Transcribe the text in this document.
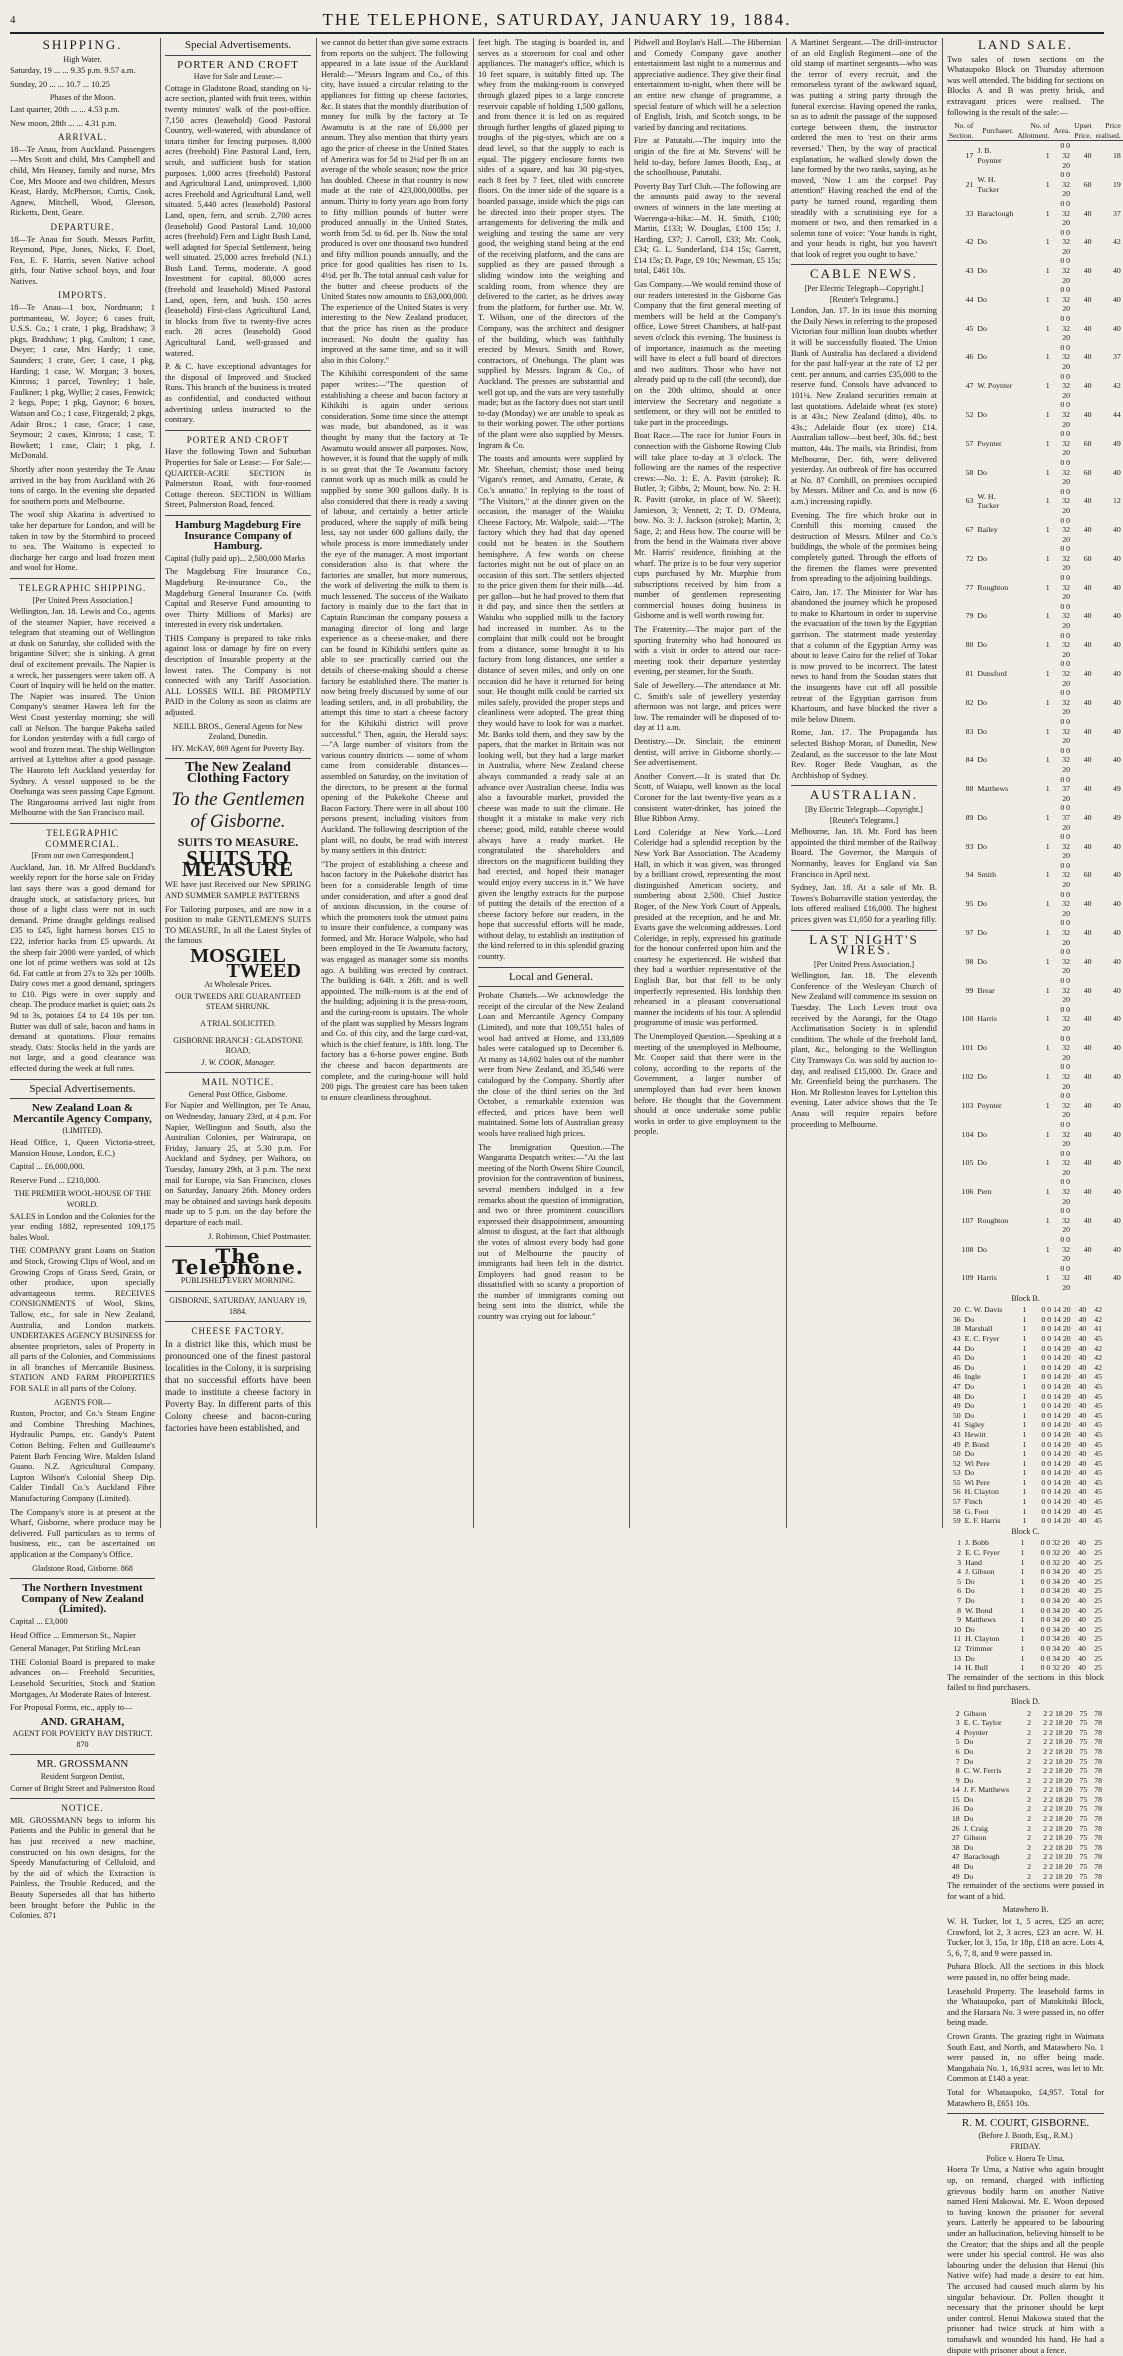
4	THE TELEPHONE, SATURDAY, JANUARY 19, 1884.
SHIPPING.
High Water.

Saturday, 19 ... ... 9.35 p.m. 9.57 a.m.

Sunday, 20 ... ... 10.7 ... 10.25

Phases of the Moon.

Last quarter, 20th ... ... 4.53 p.m.

New moon, 28th ... ... 4.31 p.m.

ARRIVAL.

18—Te Anau, from Auckland. Passengers—Mrs Scott and child, Mrs Campbell and child, Mrs Heaney, family and nurse, Mrs Coe, Mrs Moore and two children, Messrs Keast, Hardy, McPherson, Curtis, Cook, Agnew, Mitchell, Wood, Gleeson, Ricketts, Dent, Geare.

DEPARTURE.

18—Te Anau for South. Messrs Parfitt, Reymond, Pipe, Jones, Nicks, F. Doel, Fox, E. F. Harris, seven Native school girls, four Native school boys, and four Natives.

IMPORTS.

18—Te Anau—1 box, Nordmann; 1 portmanteau, W. Joyce; 6 cases fruit, U.S.S. Co.; 1 crate, 1 pkg, Bradshaw; 3 pkgs, Bradshaw; 1 pkg, Caulton; 1 case, Dwyer; 1 case, Mrs Hardy; 1 case, Saunders; 1 crate, Gee; 1 case, 1 pkg, Harding; 1 case, W. Morgan; 3 boxes, Kinross; 1 parcel, Townley; 1 bale, Faulkner; 1 pkg, Wyllie; 2 cases, Fenwick; 2 kegs, Pope; 1 pkg, Gaynor; 6 boxes, Watson and Co.; 1 case, Fitzgerald; 2 pkgs, Adair Bros.; 1 case, Grace; 1 case, Seymour; 2 cases, Kinross; 1 case, T. Bowkett; 1 case, Clair; 1 pkg, J. McDonald.

Shortly after noon yesterday the Te Anau arrived in the bay from Auckland with 26 tons of cargo. In the evening she departed for southern ports and Melbourne.

The wool ship Akarina is advertised to take her departure for London, and will be taken in tow by the Stormbird to proceed to sea. The Waitomo is expected to discharge her cargo and load frozen meat and wool for Home.

TELEGRAPHIC SHIPPING.
[Per United Press Association.]

Wellington, Jan. 18. Lewis and Co., agents of the steamer Napier, have received a telegram that steaming out of Wellington at dusk on Saturday, she collided with the brigantine Silver; she is sinking. A great deal of excitement prevails. The Napier is a wreck, her passengers were taken off. A Court of Inquiry will be held on the matter. The Napier was insured. The Union Company's steamer Hawea left for the West Coast yesterday morning; she will call at Nelson. The barque Pakeha sailed for London yesterday with a full cargo of wool and frozen meat. The ship Wellington arrived at Lyttelton after a good passage. The Hauroto left Auckland yesterday for Sydney. A vessel supposed to be the Onehunga was seen passing Cape Egmont. The Ringarooma arrived last night from Melbourne with the San Francisco mail.

TELEGRAPHIC COMMERCIAL.
[From our own Correspondent.]

Auckland, Jan. 18. Mr Alfred Buckland's weekly report for the horse sale on Friday last says there was a good demand for draught stock, at satisfactory prices, but those of a light class were not in such demand. Prime draught geldings realised £35 to £45, light harness horses £15 to £22, inferior hacks from £5 upwards. At the sheep fair 2000 were yarded, of which one lot of prime wethers was sold at 12s 6d. Fat cattle at from 27s to 32s per 100lb. Dairy cows met a good demand, springers to £10. Pigs were in over supply and cheap. The produce market is quiet; oats 2s 9d to 3s, potatoes £4 to £4 10s per ton. Butter was dull of sale, bacon and hams in demand at quotations. Flour remains steady. Oats: Stocks held in the yards are not large, and a good clearance was effected during the week at full rates.

Special Advertisements.
New Zealand Loan & Mercantile Agency Company,
(LIMITED).

Head Office, 1, Queen Victoria-street, Mansion House, London, E.C.)

Capital ... £6,000,000.

Reserve Fund ... £210,000.

THE PREMIER WOOL-HOUSE OF THE WORLD.

SALES in London and the Colonies for the year ending 1882, represented 109,175 bales Wool.

THE COMPANY grant Loans on Station and Stock, Growing Clips of Wool, and on Growing Crops of Grass Seed, Grain, or other produce, upon specially advantageous terms. RECEIVES CONSIGNMENTS of Wool, Skins, Tallow, etc., for sale in New Zealand, Australia, and London markets. UNDERTAKES AGENCY BUSINESS for absentee proprietors, sales of Property in all parts of the Colonies, and Commissions in all branches of Mercantile Business. STATION AND FARM PROPERTIES FOR SALE in all parts of the Colony.

AGENTS FOR—

Ruston, Proctor, and Co.'s Steam Engine and Combine Threshing Machines, Hydraulic Pumps, etc. Gandy's Patent Cotton Belting. Felten and Guilleaume's Patent Barb Fencing Wire. Malden Island Guano. N.Z. Agricultural Company. Lupton Wilson's Colonial Sheep Dip. Calder Tindall Co.'s Auckland Fibre Manufacturing Company (Limited).

The Company's store is at present at the Wharf, Gisborne, where produce may be delivered. Full particulars as to terms of business, etc., can be ascertained on application at the Company's Office.

Gladstone Road, Gisborne. 868
The Northern Investment Company of New Zealand (Limited).

Capital ... £3,000

Head Office ... Emmerson St., Napier

General Manager, Pat Stirling McLean

THE Colonial Board is prepared to make advances on— Freehold Securities, Leasehold Securities, Stock and Station Mortgages, At Moderate Rates of Interest.

For Proposal Forms, etc., apply to—

AND. GRAHAM,
AGENT FOR POVERTY BAY DISTRICT. 870
MR. GROSSMANN
Resident Surgeon Dentist,
Corner of Bright Street and Palmerston Road
NOTICE.

MR. GROSSMANN begs to inform his Patients and the Public in general that he has just received a new machine, constructed on his own designs, for the Speedy Manufacturing of Celluloid, and by the aid of which the Extraction is Painless, the Trouble Reduced, and the Beauty Supersedes all that has hitherto been brought before the Public in the Colonies. 871

Special Advertisements.
PORTER AND CROFT
Have for Sale and Lease:—

Cottage in Gladstone Road, standing on ¼-acre section, planted with fruit trees, within twenty minutes' walk of the post-office. 7,150 acres (leasehold) Good Pastoral Country, well-watered, with abundance of totara timber for fencing purposes. 8,000 acres (freehold) Fine Pastoral Land, fern, scrub, and sufficient bush for station purposes. 1,000 acres (freehold) Pastoral and Agricultural Land, unimproved. 1,000 acres Freehold and Agricultural Land, well situated. 5,440 acres (leasehold) Pastoral Land, open, fern, and scrub. 2,700 acres (leasehold) Good Pastoral Land. 10,000 acres (freehold) Fern and Light Bush Land, well adapted for Special Settlement, being well situated. 25,000 acres freehold (N.I.) Bush Land. Terms, moderate. A good Investment for capital. 80,000 acres (freehold and leasehold) Mixed Pastoral Land, open, fern, and bush. 150 acres (leasehold) First-class Agricultural Land, in blocks from five to twenty-five acres each. 28 acres (leasehold) Good Agricultural Land, well-grassed and watered.

P. & C. have exceptional advantages for the disposal of Improved and Stocked Runs. This branch of the business is treated as confidential, and conducted without advertising unless instructed to the contrary.

PORTER AND CROFT

Have the following Town and Suburban Properties for Sale or Lease:— For Sale:— QUARTER-ACRE SECTION in Palmerston Road, with four-roomed Cottage thereon. SECTION in William Street, Palmerston Road, fenced.

Hamburg Magdeburg Fire Insurance Company of Hamburg.

Capital (fully paid up)... 2,500,000 Marks

The Magdeburg Fire Insurance Co., Magdeburg Re-insurance Co., the Magdeburg General Insurance Co. (with Capital and Reserve Fund amounting to over Thirty Millions of Marks) are interested in every risk undertaken.

THIS Company is prepared to take risks against loss or damage by fire on every description of Insurable property at the lowest rates. The Company is not connected with any Tariff Association. ALL LOSSES WILL BE PROMPTLY PAID in the Colony as soon as claims are adjusted.

NEILL BROS., General Agents for New Zealand, Dunedin.
HY. McKAY, 869 Agent for Poverty Bay.
The New Zealand Clothing Factory
To the Gentlemen of Gisborne.
SUITS TO MEASURE.
SUITS TO MEASURE

WE have just Received our New SPRING AND SUMMER SAMPLE PATTERNS

For Tailoring purposes, and are now in a position to make GENTLEMEN'S SUITS TO MEASURE, In all the Latest Styles of the famous

MOSGIEL
TWEED
At Wholesale Prices.
OUR TWEEDS ARE GUARANTEED STEAM SHRUNK.
A TRIAL SOLICITED.
GISBORNE BRANCH : GLADSTONE ROAD,
J. W. COOK, Manager.
MAIL NOTICE.
General Post Office, Gisborne.

For Napier and Wellington, per Te Anau, on Wednesday, January 23rd, at 4 p.m. For Napier, Wellington and South, also the Australian Colonies, per Wairarapa, on Friday, January 25, at 5.30 p.m. For Auckland and Sydney, per Waihora, on Tuesday, January 29th, at 3 p.m. The next mail for Europe, via San Francisco, closes on Saturday, January 26th. Money orders may be obtained and savings bank deposits made up to 5 p.m. on the day before the departure of each mail.

J. Robinson, Chief Postmaster.

The Telephone.
PUBLISHED EVERY MORNING.
GISBORNE, SATURDAY, JANUARY 19, 1884.
CHEESE FACTORY.

In a district like this, which must be pronounced one of the finest pastoral localities in the Colony, it is surprising that no successful efforts have been made to institute a cheese factory in Poverty Bay. In different parts of this Colony cheese and bacon-curing factories have been established, and

we cannot do better than give some extracts from reports on the subject. The following appeared in a late issue of the Auckland Herald:—"Messrs Ingram and Co., of this city, have issued a circular relating to the appliances for fitting up cheese factories, &c. It states that the monthly distribution of money for milk by the factory at Te Awamutu is at the rate of £6,000 per annum. They also mention that thirty years ago the price of cheese in the United States of America was for 5d to 2¼d per lb on an average of the whole season; now the price has doubled. Cheese in that country is now made at the rate of 423,000,000lbs. per annum. Thirty to forty years ago from forty to fifty million pounds of butter were produced annually in the United States, worth from 5d. to 6d. per lb. Now the total produced is over one thousand two hundred and fifty million pounds annually, and the price for good qualities has risen to 1s. 4½d. per lb. The total annual cash value for the butter and cheese products of the United States now amounts to £63,000,000. The experience of the United States is very interesting to the New Zealand producer, that the price has risen as the produce increased. No doubt the quality has improved at the same time, and so it will also in this Colony."

The Kihikihi correspondent of the same paper writes:—"The question of establishing a cheese and bacon factory at Kihikihi is again under serious consideration. Some time since the attempt was made, but abandoned, as it was thought by many that the factory at Te Awamutu would answer all purposes. Now, however, it is found that the supply of milk is so great that the Te Awamutu factory cannot work up as much milk as could be supplied by some 300 gallons daily. It is also considered that there is ready a saving of labour, and certainly a better article produced, where the supply of milk being less, say not under 600 gallons daily, the whole process is more immediately under the eye of the manager. A most important consideration also is that where the factories are smaller, but more numerous, the work of delivering the milk to them is much lessened. The success of the Waikato factory is mainly due to the fact that in Captain Runciman the company possess a managing director of long and large experience as a cheese-maker, and there can be found in Kihikihi settlers quite as able to see practically carried out the details of cheese-making should a cheese factory be established there. The matter is now being freely discussed by some of our leading settlers, and, in all probability, the attempt this time to start a cheese factory for the Kihikihi district will prove successful." Then, again, the Herald says:—"A large number of visitors from the various country districts — some of whom came from considerable distances—assembled on Saturday, on the invitation of the directors, to be present at the formal opening of the Pukekohe Cheese and Bacon Factory. There were in all about 100 persons present, including visitors from Auckland. The following description of the plant will, no doubt, be read with interest by many settlers in this district:

"The project of establishing a cheese and bacon factory in the Pukekohe district has been for a considerable length of time under consideration, and after a good deal of anxious discussion, in the course of which the promoters took the utmost pains to insure their confidence, a company was formed, and Mr. Horace Walpole, who had been employed in the Te Awamutu factory, was engaged as manager some six months ago. A building was erected by contract. The building is 64ft. x 26ft. and is well appointed. The milk-room is at the end of the building; adjoining it is the press-room, and the curing-room is upstairs. The whole of the plant was supplied by Messrs Ingram and Co. of this city, and the large curd-vat, which is the chief feature, is 18ft. long. The factory has a 6-horse power engine. Both the cheese and bacon departments are complete, and the curing-house will hold 200 pigs. The greatest care has been taken to ensure cleanliness throughout.

feet high. The staging is boarded in, and serves as a storeroom for coal and other appliances. The manager's office, which is 10 feet square, is suitably fitted up. The whey from the making-room is conveyed through glazed pipes to a large concrete reservoir capable of holding 1,500 gallons, and from thence it is led on as required through further lengths of glazed piping to troughs of the pig-styes, which are on a dead level, so that the supply to each is equal. The piggery enclosure forms two sides of a square, and has 30 pig-styes, each 8 feet by 7 feet, tiled with concrete floors. On the inner side of the square is a boarded passage, inside which the pigs can be directed into their proper styes. The arrangements for delivering the milk and weighing and testing the same are very good, the weighing stand being at the end of the receiving platform, and the cans are supplied as they are passed through a sliding window into the weighing and scalding room, from whence they are delivered to the carter, as he drives away from the platform, for further use. Mr. W. T. Wilson, one of the directors of the Company, was the architect and designer of the building, which was faithfully erected by Messrs. Smith and Rowe, contractors, of Onehunga. The plant was supplied by Messrs. Ingram & Co., of Auckland. The presses are substantial and well got up, and the vats are very tastefully made; but as the factory does not start until to-day (Monday) we are unable to speak as to their working power. The other portions of the plant were also supplied by Messrs. Ingram & Co.

The toasts and amounts were supplied by Mr. Sheehan, chemist; those used being 'Vigaro's rennet, and Annatto, Cerate, & Co.'s annatto.' In replying to the toast of "The Visitors," at the dinner given on the occasion, the manager of the Waiuku Cheese Factory, Mr. Walpole, said:—"The factory which they had that day opened could not be beaten in the Southern hemisphere. A few words on cheese factories might not be out of place on an occasion of this sort. The settlers objected to the price given them for their milk—4d. per gallon—but he had proved to them that it did pay, and since then the settlers at Waiuku who supplied milk to the factory had increased in number. As to the complaint that milk could not be brought from a distance, some brought it to his factory from long distances, one settler a distance of seven miles, and only on one occasion did he have it returned for being sour. He thought milk could be carried six miles safely, provided the proper steps and cleanliness were adopted. The great thing they would have to look for was a market. Mr. Banks told them, and they saw by the papers, that the market in Britain was not looking well, but they had a large market in Australia, where New Zealand cheese always commanded a ready sale at an advance over Australian cheese. India was also a favourable market, provided the cheese was made to suit the climate. He thought it a mistake to make very rich cheese; good, mild, eatable cheese would always have a ready market. He congratulated the shareholders and directors on the magnificent building they had erected, and hoped their manager would enjoy every success in it." We have given the lengthy extracts for the purpose of putting the details of the erection of a cheese factory before our readers, in the hope that successful efforts will be made, without delay, to establish an institution of the kind referred to in this splendid grazing country.

Local and General.

Probate Chattels.—We acknowledge the receipt of the circular of the New Zealand Loan and Mercantile Agency Company (Limited), and note that 109,551 bales of wool had arrived at Home, and 133,889 bales were catalogued up to December 6. At many as 14,602 bales out of the number were from New Zealand, and 35,546 were catalogued by the Company. Shortly after the close of the third series on the 3rd October, a remarkable extension was effected, and prices have been well maintained. Some lots of Australian greasy wools have realised high prices.

The Immigration Question.—The Wangaratta Despatch writes:—"At the last meeting of the North Owens Shire Council, provision for the contravention of business, several members indulged in a few remarks about the question of immigration, and two or three prominent councillors expressed their disappointment, amounting almost to disgust, at the fact that although the votes of almost every body had gone out of Melbourne the paucity of immigrants had been felt in the district. Employers had good reason to be dissatisfied with so scanty a proportion of the number of immigrants coming out being sent into the district, while the country was crying out for labour."

Pidwell and Boylan's Hall.—The Hibernian and Comedy Company gave another entertainment last night to a numerous and appreciative audience. They give their final entertainment to-night, when there will be an entire new change of programme, a special feature of which will be a selection of English, Irish, and Scotch songs, to be varied by dancing and recitations.

Fire at Patutahi.—The inquiry into the origin of the fire at Mr. Stevens' will be held to-day, before James Booth, Esq., at the schoolhouse, Patutahi.

Poverty Bay Turf Club.—The following are the amounts paid away to the several owners of winners in the late meeting at Waerenga-a-hika:—M. H. Smith, £100; Martin, £133; W. Douglas, £100 15s; J. Harding, £37; J. Carroll, £33; Mr. Cook, £34; G. L. Sunderland, £14 15s; Garrett, £14 15s; D. Page, £9 10s; Newman, £5 15s; total, £461 10s.

Gas Company.—We would remind those of our readers interested in the Gisborne Gas Company that the first general meeting of members will be held at the Company's office, Lowe Street Chambers, at half-past seven o'clock this evening. The business is of importance, inasmuch as the meeting will have to elect a full board of directors and two auditors. Those who have not already paid up to the call (the second), due on the 20th ultimo, should at once interview the Secretary and negotiate a settlement, or they will not be entitled to take part in the proceedings.

Boat Race.—The race for Junior Fours in connection with the Gisborne Rowing Club will take place to-day at 3 o'clock. The following are the names of the respective crews:—No. 1: E. A. Pavitt (stroke); R. Butler, 3; Gibbs, 2; Mount, bow. No. 2: H. R. Pavitt (stroke, in place of W. Skeet); Jamieson, 3; Vennett, 2; T. D. O'Meara, bow. No. 3: J. Jackson (stroke); Martin, 3; Sage, 2; and Hess bow. The course will be from the bend in the Waimata river above Mr. Harris' residence, finishing at the wharf. The prize is to be four very superior cups purchased by Mr. Murphie from subscriptions received by him from a number of gentlemen representing commercial houses doing business in Gisborne and is well worth rowing for.

The Fraternity.—The major part of the sporting fraternity who had honoured us with a visit in order to attend our race-meeting took their departure yesterday evening, per steamer, for the South.

Sale of Jewellery.—The attendance at Mr. C. Smith's sale of jewellery yesterday afternoon was not large, and prices were low. The remainder will be disposed of to-day at 11 a.m.

Dentistry.—Dr. Sinclair, the eminent dentist, will arrive in Gisborne shortly.—See advertisement.

Another Convert.—It is stated that Dr. Scott, of Waiapu, well known as the local Coroner for the last twenty-five years as a consistent water-drinker, has joined the Blue Ribbon Army.

Lord Coleridge at New York.—Lord Coleridge had a splendid reception by the New York Bar Association. The Academy Hall, in which it was given, was thronged by a brilliant crowd, representing the most distinguished American society, and numbering about 2,500. Chief Justice Roger, of the New York Court of Appeals, presided at the reception, and he and Mr. Evarts gave the welcoming addresses. Lord Coleridge, in reply, expressed his gratitude for the honour conferred upon him and the courtesy he experienced. He wished that they had a worthier representative of the English Bar, but that fell to be only imperfectly represented. His lordship then rehearsed in a pleasant conversational manner the incidents of his tour. A splendid programme of music was performed.

The Unemployed Question.—Speaking at a meeting of the unemployed in Melbourne, Mr. Cooper said that there were in the colony, according to the reports of the Government, a larger number of unemployed than had ever been known before. He thought that the Government should at once undertake some public works in order to give employment to the people.

A Martinet Sergeant.—The drill-instructor of an old English Regiment—one of the old stamp of martinet sergeants—who was the terror of every recruit, and the remorseless tyrant of the awkward squad, was putting a string party through the funeral exercise. Having opened the ranks, so as to admit the passage of the supposed cortege between them, the instructor ordered the men to 'rest on their arms reversed.' Then, by the way of practical explanation, he walked slowly down the lane formed by the two ranks, saying, as he moved, 'Now I am the corpse! Pay attention!' Having reached the end of the party he turned round, regarding them steadily with a scrutinising eye for a moment or two, and then remarked in a solemn tone of voice: 'Your hands is right, and your heads is right, but you haven't that look of regret you ought to have.'

CABLE NEWS.
[Per Electric Telegraph—Copyright.] [Reuter's Telegrams.]

London, Jan. 17. In its issue this morning the Daily News in referring to the proposed Victorian four million loan doubts whether it will be successfully floated. The Union Bank of Australia has declared a dividend for the past half-year at the rate of 12 per cent. per annum, and carries £35,000 to the reserve fund. Consols have advanced to 101¼. New Zealand securities remain at last quotations. Adelaide wheat (ex store) is at 43s.; New Zealand (ditto), 40s. to 43s.; Adelaide flour (ex store) £14. Australian tallow—best beef, 30s. 6d.; best mutton, 44s. The mails, via Brindisi, from Melbourne, Dec. 6th, were delivered yesterday. An outbreak of fire has occurred at No. 87 Cornhill, on premises occupied by Messrs. Milner and Co. and is now (6 a.m.) increasing rapidly.

Evening. The fire which broke out in Cornhill this morning caused the destruction of Messrs. Milner and Co.'s buildings, the whole of the premises being completely gutted. Through the efforts of the firemen the flames were prevented from spreading to the adjoining buildings.

Cairo, Jan. 17. The Minister for War has abandoned the journey which he proposed to make to Khartoum in order to supervise the evacuation of the town by the Egyptian garrison. The statement made yesterday that a column of the Egyptian Army was about to leave Cairo for the relief of Tokar is now proved to be incorrect. The latest news to hand from the Soudan states that the insurgents have cut off all possible retreat of the Egyptian garrison from Khartoum, and have blocked the river a mile below Dinem.

Rome, Jan. 17. The Propaganda has selected Bishop Moran, of Dunedin, New Zealand, as the successor to the late Most Rev. Roger Bede Vaughan, as the Archbishop of Sydney.

AUSTRALIAN.
[By Electric Telegraph—Copyright.] [Reuter's Telegrams.]

Melbourne, Jan. 18. Mr. Ford has been appointed the third member of the Railway Board. The Governor, the Marquis of Normanby, leaves for England via San Francisco in April next.

Sydney, Jan. 18. At a sale of Mr. B. Towns's Bobarraville station yesterday, the lots offered realised £16,000. The highest prices given was £1,050 for a yearling filly.

LAST NIGHT'S WIRES.
[Per United Press Association.]

Wellington, Jan. 18. The eleventh Conference of the Wesleyan Church of New Zealand will commence its session on Tuesday. The Loch Leven trout ova received by the Aorangi, for the Otago Acclimatisation Society is in splendid condition. The whole of the freehold land, plant, &c., belonging to the Wellington City Tramways Co. was sold by auction to-day, and realised £15,000. Dr. Grace and Mr. Greenfield being the purchasers. The Hon. Mr Rolleston leaves for Lyttelton this evening. Later advice shows that the Te Anau will require repairs before proceeding to Melbourne.

LAND SALE.

Two sales of town sections on the Whataupoko Block on Thursday afternoon was well attended. The bidding for sections on Blocks A and B was pretty brisk, and extravagant prices were realised. The following is the result of the sale:—

No. of Section.	Purchaser.	No. of Allotment.	Area.	Upset Price.	Price realised.
17	J. B. Poynter	1	0 0 32 20	40	18
21	W. H. Tucker	1	0 0 32 20	60	19
33	Baraclough	1	0 0 32 20	40	37
42	Do	1	0 0 32 20	40	42
43	Do	1	0 0 32 20	40	40
44	Do	1	0 0 32 20	40	40
45	Do	1	0 0 32 20	40	40
46	Do	1	0 0 32 20	40	37
47	W. Poynter	1	0 0 32 20	40	42
52	Do	1	0 0 32 20	40	44
57	Poynter	1	0 0 32 20	60	49
58	Do	1	0 0 32 20	60	40
63	W. H. Tucker	1	0 0 32 20	40	12
67	Bailey	1	0 0 32 20	40	40
72	Do	1	0 0 32 20	60	40
77	Roughton	1	0 0 32 20	40	40
79	Do	1	0 0 32 20	40	40
80	Do	1	0 0 32 20	40	40
81	Dunsford	1	0 0 32 20	40	40
82	Do	1	0 0 32 20	40	40
83	Do	1	0 0 32 20	40	40
84	Do	1	0 0 32 20	40	40
88	Matthews	1	0 0 37 20	40	49
89	Do	1	0 0 37 20	40	49
93	Do	1	0 0 32 20	40	40
94	Smith	1	0 0 32 20	60	40
95	Do	1	0 0 32 20	40	40
97	Do	1	0 0 32 20	40	40
98	Do	1	0 0 32 20	40	40
99	Brear	1	0 0 32 20	40	40
100	Harris	1	0 0 32 20	40	40
101	Do	1	0 0 32 20	40	40
102	Do	1	0 0 32 20	40	40
103	Poynter	1	0 0 32 20	40	40
104	Do	1	0 0 32 20	40	40
105	Do	1	0 0 32 20	40	40
106	Pern	1	0 0 32 20	40	40
107	Roughton	1	0 0 32 20	40	40
108	Do	1	0 0 32 20	40	40
109	Harris	1	0 0 32 20	40	40
Block B.
20	C. W. Davis	1	0 0 14 20	40	42
36	Do	1	0 0 14 20	40	42
38	Marshall	1	0 0 14 20	40	41
43	E. C. Fryer	1	0 0 14 20	40	45
44	Do	1	0 0 14 20	40	42
45	Do	1	0 0 14 20	40	42
46	Do	1	0 0 14 20	40	42
46	Ingle	1	0 0 14 20	40	45
47	Do	1	0 0 14 20	40	45
48	Do	1	0 0 14 20	40	45
49	Do	1	0 0 14 20	40	45
50	Do	1	0 0 14 20	40	45
41	Sigley	1	0 0 14 20	40	45
43	Hewitt	1	0 0 14 20	40	45
49	P. Bond	1	0 0 14 20	40	45
50	Do	1	0 0 14 20	40	45
52	Wi Pere	1	0 0 14 20	40	45
53	Do	1	0 0 14 20	40	45
55	Wi Pere	1	0 0 14 20	40	45
56	H. Clayton	1	0 0 14 20	40	45
57	Finch	1	0 0 14 20	40	45
58	G. Foot	1	0 0 14 20	40	45
59	E. F. Harris	1	0 0 14 20	40	45
Block C.
1	J. Bobb	1	0 0 32 20	40	25
2	E. C. Fryer	1	0 0 32 20	40	25
3	Hand	1	0 0 32 20	40	25
4	J. Gibson	1	0 0 34 20	40	25
5	Do	1	0 0 34 20	40	25
6	Do	1	0 0 34 20	40	25
7	Do	1	0 0 34 20	40	25
8	W. Bond	1	0 0 34 20	40	25
9	Matthews	1	0 0 34 20	40	25
10	Do	1	0 0 34 20	40	25
11	H. Clayton	1	0 0 34 20	40	25
12	Trimmer	1	0 0 34 20	40	25
13	Do	1	0 0 34 20	40	25
14	H. Bull	1	0 0 32 20	40	25

The remainder of the sections in this block failed to find purchasers.

Block D.
2	Gibson	2	2 2 18 20	75	78
3	E. C. Taylor	2	2 2 18 20	75	78
4	Poynter	2	2 2 18 20	75	78
5	Do	2	2 2 18 20	75	78
6	Do	2	2 2 18 20	75	78
7	Do	2	2 2 18 20	75	78
8	C. W. Ferris	2	2 2 18 20	75	78
9	Do	2	2 2 18 20	75	78
14	J. F. Matthews	2	2 2 18 20	75	78
15	Do	2	2 2 18 20	75	78
16	Do	2	2 2 18 20	75	78
18	Do	2	2 2 18 20	75	78
26	J. Craig	2	2 2 18 20	75	78
27	Gibson	2	2 2 18 20	75	78
38	Do	2	2 2 18 20	75	78
47	Baraclough	2	2 2 18 20	75	78
48	Do	2	2 2 18 20	75	78
49	Do	2	2 2 18 20	75	78

The remainder of the sections were passed in for want of a bid.

Matawhero B.

W. H. Tucker, lot 1, 5 acres, £25 an acre; Crawford, lot 2, 3 acres, £23 an acre. W. H. Tucker, lot 3, 15a, 1r 18p, £18 an acre. Lots 4, 5, 6, 7, 8, and 9 were passed in.

Puhara Block. All the sections in this block were passed in, no offer being made.

Leasehold Property. The leasehold farms in the Whataupoko, part of Matokitoki Block, and the Haraara No. 3 were passed in, no offer being made.

Crown Grants. The grazing right in Waimata South East, and North, and Matawhero No. 1 were passed in, no offer being made. Mangahaia No. 1, 16,931 acres, was let to Mr. Common at £140 a year.

Total for Whataupoko, £4,957. Total for Matawhero B, £651 10s.

R. M. COURT, GISBORNE.
(Before J. Booth, Esq., R.M.)
FRIDAY.
Police v. Hoera Te Uma.

Hoera Te Uma, a Native who again brought up, on remand, charged with inflicting grievous bodily harm on another Native named Heni Makowai. Mr. E. Woon deposed to having known the prisoner for several years. Latterly he appeared to be labouring under an hallucination, believing himself to be the Creator; that the ships and all the people were under his special control. He was also labouring under the delusion that Henui (his Native wife) had made a desire to eat him. The accused had caused much alarm by his singular behaviour. Dr. Pollen thought it necessary that the prisoner should be kept under control. Henui Makowa stated that the prisoner had twice struck at him with a tomahawk and wounded his hand. He had a dispute with prisoner about a fence.
